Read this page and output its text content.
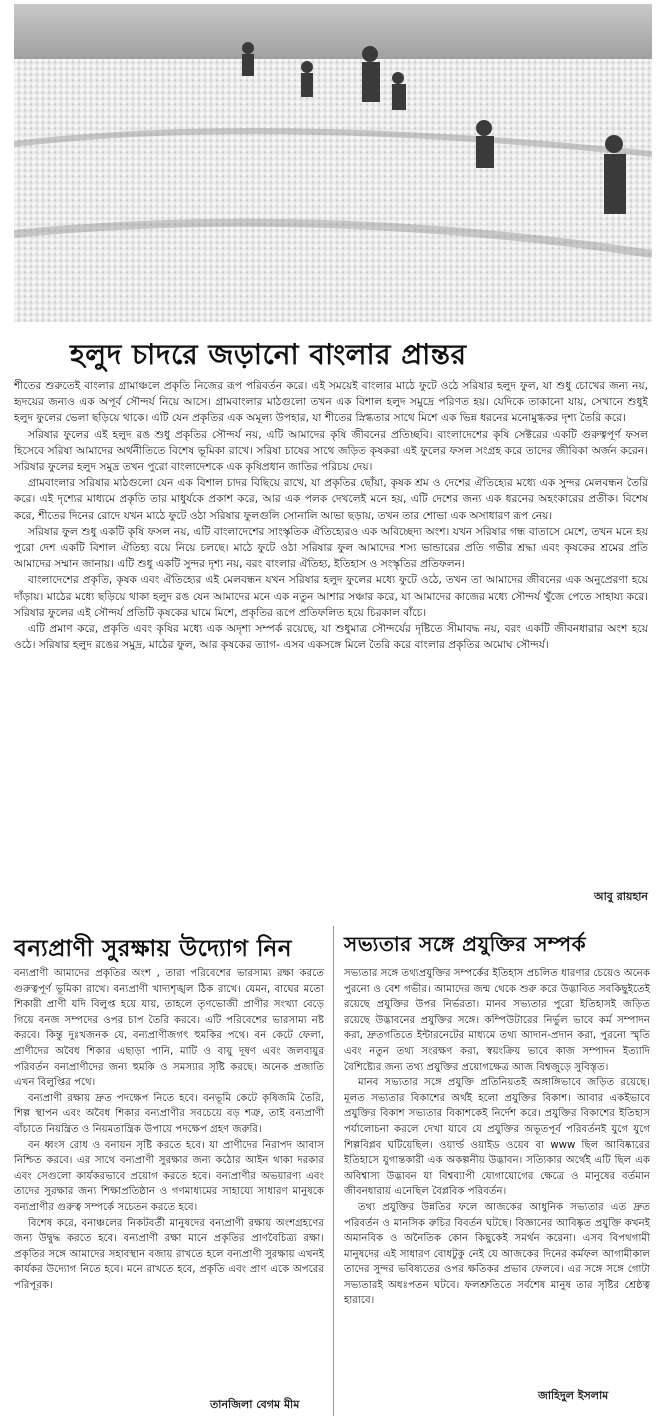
হলুদ চাদরে জড়ানো বাংলার প্রান্তর

শীতের শুরুতেই বাংলার গ্রামাঞ্চলে প্রকৃতি নিজের রূপ পরিবর্তন করে। এই সময়েই বাংলার মাঠে ফুটে ওঠে সরিষার হলুদ ফুল, যা শুধু চোখের জন্য নয়, হৃদয়ের জন্যও এক অপূর্ব সৌন্দর্য নিয়ে আসে। গ্রামবাংলার মাঠগুলো তখন এক বিশাল হলুদ সমুদ্রে পরিণত হয়। যেদিকে তাকানো যায়, সেখানে শুধুই হলুদ ফুলের ভেলা ছড়িয়ে থাকে। এটি যেন প্রকৃতির এক অমূল্য উপহার, যা শীতের স্নিগ্ধতার সাথে মিশে এক ভিন্ন ধরনের মনোমুগ্ধকর দৃশ্য তৈরি করে।

সরিষার ফুলের এই হলুদ রঙ শুধু প্রকৃতির সৌন্দর্য নয়, এটি আমাদের কৃষি জীবনের প্রতিচ্ছবি। বাংলাদেশের কৃষি সেক্টরের একটি গুরুত্বপূর্ণ ফসল হিসেবে সরিষা আমাদের অর্থনীতিতে বিশেষ ভূমিকা রাখে। সরিষা চাষের সাথে জড়িত কৃষকরা এই ফুলের ফসল সংগ্রহ করে তাদের জীবিকা অর্জন করেন। সরিষার ফুলের হলুদ সমুদ্র তখন পুরো বাংলাদেশকে এক কৃষিপ্রধান জাতির পরিচয় দেয়।

গ্রামবাংলার সরিষার মাঠগুলো যেন এক বিশাল চাদর বিছিয়ে রাখে, যা প্রকৃতির ছোঁয়া, কৃষক শ্রম ও দেশের ঐতিহ্যের মধ্যে এক সুন্দর মেলবন্ধন তৈরি করে। এই দৃশ্যের মাধ্যমে প্রকৃতি তার মাধুর্যকে প্রকাশ করে, আর এক পলক দেখলেই মনে হয়, এটি দেশের জন্য এক ধরনের অহংকারের প্রতীক। বিশেষ করে, শীতের দিনের রোদে যখন মাঠে ফুটে ওঠা সরিষার ফুলগুলি সোনালি আভা ছড়ায়, তখন তার শোভা এক অসাধারণ রূপ নেয়।

সরিষার ফুল শুধু একটি কৃষি ফসল নয়, এটি বাংলাদেশের সাংস্কৃতিক ঐতিহ্যেরও এক অবিচ্ছেদ্য অংশ। যখন সরিষার গন্ধ বাতাসে মেশে, তখন মনে হয় পুরো দেশ একটি বিশাল ঐতিহ্য বয়ে নিয়ে চলছে। মাঠে ফুটে ওঠা সরিষার ফুল আমাদের শস্য ভান্ডারের প্রতি গভীর শ্রদ্ধা এবং কৃষকের শ্রমের প্রতি আমাদের সম্মান জানায়। এটি শুধু একটি সুন্দর দৃশ্য নয়, বরং বাংলার ঐতিহ্য, ইতিহাস ও সংস্কৃতির প্রতিফলন।

বাংলাদেশের প্রকৃতি, কৃষক এবং ঐতিহ্যের এই মেলবন্ধন যখন সরিষার হলুদ ফুলের মধ্যে ফুটে ওঠে, তখন তা আমাদের জীবনের এক অনুপ্রেরণা হয়ে দাঁড়ায়। মাঠের মধ্যে ছড়িয়ে থাকা হলুদ রঙ যেন আমাদের মনে এক নতুন আশার সঞ্চার করে, যা আমাদের কাজের মধ্যে সৌন্দর্য খুঁজে পেতে সাহায্য করে। সরিষার ফুলের এই সৌন্দর্য প্রতিটি কৃষকের ঘামে মিশে, প্রকৃতির রূপে প্রতিফলিত হয়ে চিরকাল বাঁচে।

এটি প্রমাণ করে, প্রকৃতি এবং কৃষির মধ্যে এক অদৃশ্য সম্পর্ক রয়েছে, যা শুধুমাত্র সৌন্দর্যের দৃষ্টিতে সীমাবদ্ধ নয়, বরং একটি জীবনধারার অংশ হয়ে ওঠে। সরিষার হলুদ রঙের সমুদ্র, মাঠের ফুল, আর কৃষকের ত্যাগ- এসব একসঙ্গে মিলে তৈরি করে বাংলার প্রকৃতির অমোঘ সৌন্দর্য।

আবু রায়হান
বন্যপ্রাণী সুরক্ষায় উদ্যোগ নিন	সভ্যতার সঙ্গে প্রযুক্তির সম্পর্ক

বন্যপ্রাণী আমাদের প্রকৃতির অংশ , তারা পরিবেশের ভারসাম্য রক্ষা করতে গুরুত্বপূর্ণ ভূমিকা রাখে। বন্যপ্রাণী খাদ্যশৃঙ্খল ঠিক রাখে। যেমন, বাঘের মতো শিকারী প্রাণী যদি বিলুপ্ত হয়ে যায়, তাহলে তৃণভোজী প্রাণীর সংখ্যা বেড়ে গিয়ে বনজ সম্পদের ওপর চাপ তৈরি করবে। এটি পরিবেশের ভারসাম্য নষ্ট করবে। কিন্তু দুঃখজনক যে, বন্যপ্রাণীজগৎ হুমকির পথে। বন কেটে ফেলা, প্রাণীদের অবৈধ শিকার এছাড়া পানি, মাটি ও বায়ু দূষণ এবং জলবায়ুর পরিবর্তন বন্যপ্রাণীদের জন্য হুমকি ও সমস্যার সৃষ্টি করছে। অনেক প্রজাতি এখন বিলুপ্তির পথে।

বন্যপ্রাণী রক্ষায় দ্রুত পদক্ষেপ নিতে হবে। বনভূমি কেটে কৃষিজমি তৈরি, শিল্প স্থাপন এবং অবৈধ শিকার বন্যপ্রাণীর সবচেয়ে বড় শত্রু, তাই বন্যপ্রাণী বাঁচাতে নিয়ন্ত্রিত ও নিয়মতান্ত্রিক উপায়ে পদক্ষেপ গ্রহণ জরুরি।

বন ধ্বংস রোধ ও বনায়ন সৃষ্টি করতে হবে। যা প্রাণীদের নিরাপদ আবাস নিশ্চিত করবে। এর সাথে বন্যপ্রাণী সুরক্ষার জন্য কঠোর আইন থাকা দরকার এবং সেগুলো কার্যকরভাবে প্রয়োগ করতে হবে। বন্যপ্রাণীর অভয়ারণ্য এবং তাদের সুরক্ষার জন্য শিক্ষাপ্রতিষ্ঠান ও গণমাধ্যমের সাহায্যে সাধারণ মানুষকে বন্যপ্রাণীর গুরুত্ব সম্পর্কে সচেতন করতে হবে।

বিশেষ করে, বনাঞ্চলের নিকটবর্তী মানুষদের বন্যপ্রাণী রক্ষায় অংশগ্রহণের জন্য উদ্বুদ্ধ করতে হবে। বন্যপ্রাণী রক্ষা মানে প্রকৃতির প্রাণবৈচিত্র্য রক্ষা। প্রকৃতির সঙ্গে আমাদের সহাবস্থান বজায় রাখতে হলে বন্যপ্রাণী সুরক্ষায় এখনই কার্যকর উদ্যোগ নিতে হবে। মনে রাখতে হবে, প্রকৃতি এবং প্রাণ একে অপরের পরিপূরক।

তানজিলা বেগম মীম

সভ্যতার সঙ্গে তথ্যপ্রযুক্তির সম্পর্কের ইতিহাস প্রচলিত ধারণার চেয়েও অনেক পুরনো ও বেশ গভীর। আমাদের জন্ম থেকে শুরু করে উদ্ভাবিত সবকিছুইতেই রয়েছে প্রযুক্তির উপর নির্ভরতা। মানব সভ্যতার পুরো ইতিহাসই জড়িত রয়েছে উদ্ভাবনের প্রযুক্তির সঙ্গে। কম্পিউটারের নির্ভুল ভাবে কর্ম সম্পাদন করা, দ্রুতগতিতে ইন্টারনেটের মাধ্যমে তথ্য আদান-প্রদান করা, পুরনো স্মৃতি এবং নতুন তথ্য সংরক্ষণ করা, স্বয়ংক্রিয় ভাবে কাজ সম্পাদন ইত্যাদি বৈশিষ্ট্যের জন্য তথ্য প্রযুক্তির প্রয়োগক্ষেত্র আজ বিশ্বজুড়ে সুবিস্তৃত।

মানব সভ্যতার সঙ্গে প্রযুক্তি প্রতিনিয়তই অঙ্গাঙ্গিভাবে জড়িত রয়েছে। মূলত সভ্যতার বিকাশের অর্থই হলো প্রযুক্তির বিকাশ। আবার একইভাবে প্রযুক্তির বিকাশ সভ্যতার বিকাশকেই নির্দেশ করে। প্রযুক্তির বিকাশের ইতিহাস পর্যালোচনা করলে দেখা যাবে যে প্রযুক্তির অভূতপূর্ব পরিবর্তনই যুগে যুগে শিল্পবিপ্লব ঘটিয়েছিল। ওয়ার্ল্ড ওয়াইড ওয়েব বা www ছিল আবিষ্কারের ইতিহাসে যুগান্তকারী এক অকল্পনীয় উদ্ভাবন। সত্যিকার অর্থেই এটি ছিল এক অবিশ্বাস্য উদ্ভাবন যা বিশ্বব্যাপী যোগাযোগের ক্ষেত্রে ও মানুষের বর্তমান জীবনধারায় এনেছিল বৈপ্লবিক পরিবর্তন।

তথ্য প্রযুক্তির উন্নতির ফলে আজকের আধুনিক সভ্যতার এত দ্রুত পরিবর্তন ও মানসিক রুচির বিবর্তন ঘটছে। বিজ্ঞানের আবিষ্কৃত প্রযুক্তি কখনই অমানবিক ও অনৈতিক কোন কিছুকেই সমর্থন করেনা। এসব বিপথগামী মানুষদের এই সাধারণ বোধটুকু নেই যে আজকের দিনের কর্মফল আগামীকাল তাদের সুন্দর ভবিষ্যতের ওপর ক্ষতিকর প্রভাব ফেলবে। এর সঙ্গে সঙ্গে গোটা সভ্যতারই অধঃপতন ঘটবে। ফলশ্রুতিতে সর্বশেষ মানুষ তার সৃষ্টির শ্রেষ্ঠত্ব হারাবে।

জাহিদুল ইসলাম
